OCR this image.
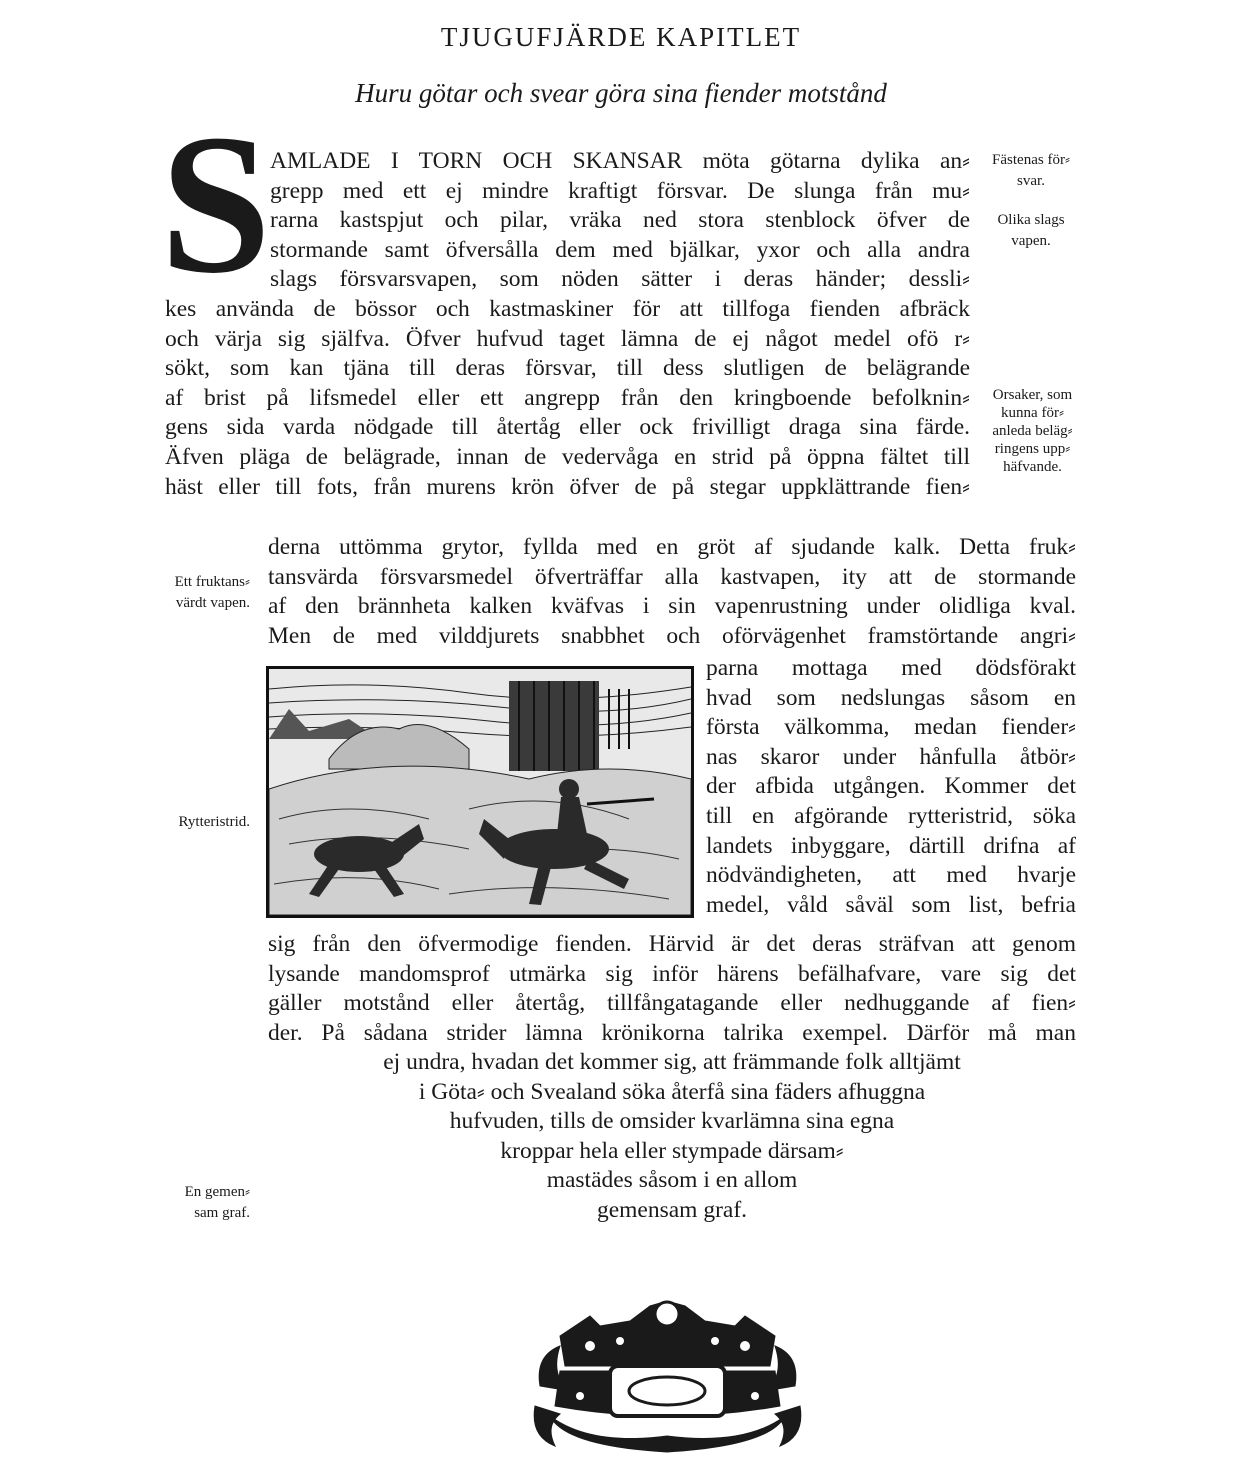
TJUGUFJÄRDE KAPITLET
Huru götar och svear göra sina fiender motstånd
S
AMLADE I TORN OCH SKANSAR möta götarna dylika an⸗
grepp med ett ej mindre kraftigt försvar. De slunga från mu⸗
rarna kastspjut och pilar, vräka ned stora stenblock öfver de
stormande samt öfversålla dem med bjälkar, yxor och alla andra
slags försvarsvapen, som nöden sätter i deras händer; dessli⸗
kes använda de bössor och kastmaskiner för att tillfoga fienden afbräck
och värja sig själfva. Öfver hufvud taget lämna de ej något medel ofö r⸗
sökt, som kan tjäna till deras försvar, till dess slutligen de belägrande
af brist på lifsmedel eller ett angrepp från den kringboende befolknin⸗
gens sida varda nödgade till återtåg eller ock frivilligt draga sina färde.
Äfven pläga de belägrade, innan de vedervåga en strid på öppna fältet till
häst eller till fots, från murens krön öfver de på stegar uppklättrande fien⸗
Fästenas för⸗
svar.
Olika slags
vapen.
Orsaker, som
kunna för⸗
anleda beläg⸗
ringens upp⸗
häfvande.
derna uttömma grytor, fyllda med en gröt af sjudande kalk. Detta fruk⸗
tansvärda försvarsmedel öfverträffar alla kastvapen, ity att de stormande
af den brännheta kalken kväfvas i sin vapenrustning under olidliga kval.
Men de med vilddjurets snabbhet och oförvägenhet framstörtande angri⸗
parna mottaga med dödsförakt
hvad som nedslungas såsom en
första välkomma, medan fiender⸗
nas skaror under hånfulla åtbör⸗
der afbida utgången. Kommer det
till en afgörande rytteristrid, söka
landets inbyggare, därtill drifna af
nödvändigheten, att med hvarje
medel, våld såväl som list, befria
sig från den öfvermodige fienden. Härvid är det deras sträfvan att genom
lysande mandomsprof utmärka sig inför härens befälhafvare, vare sig det
gäller motstånd eller återtåg, tillfångatagande eller nedhuggande af fien⸗
der. På sådana strider lämna krönikorna talrika exempel. Därför må man
ej undra, hvadan det kommer sig, att främmande folk alltjämt
i Göta⸗ och Svealand söka återfå sina fäders afhuggna
hufvuden, tills de omsider kvarlämna sina egna
kroppar hela eller stympade därsam⸗
mastädes såsom i en allom
gemensam graf.
Ett fruktans⸗
värdt vapen.
Rytteristrid.
En gemen⸗
sam graf.
